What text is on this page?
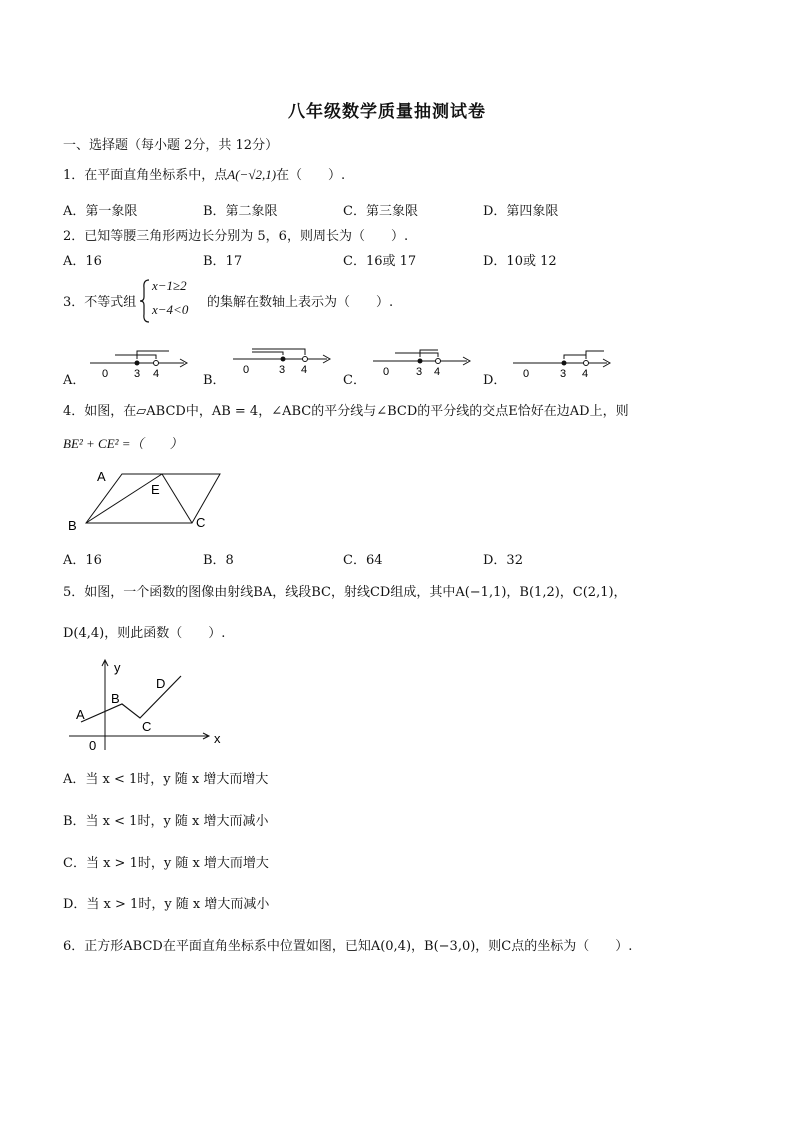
八年级数学质量抽测试卷
一、选择题（每小题 2分，共 12分）
1．在平面直角坐标系中，点A(−√2,1)在（　　）.
A．第一象限	B．第二象限	C．第三象限	D．第四象限
2．已知等腰三角形两边长分别为 5，6，则周长为（　　）.
A．16	B．17	C．16或 17	D．10或 12
3．不等式组
x−1≥2
x−4<0 的集解在数轴上表示为（　　）.
A． 0 3 4	B．
0	3 4
C．
0 3 4
D． 0	3 4
4．如图，在▱ABCD中，AB = 4，∠ABC的平分线与∠BCD的平分线的交点E恰好在边AD上，则
BE² + CE² =（　　）
A
E
B	C
A．16	B．8	C．64	D．32
5．如图，一个函数的图像由射线BA，线段BC，射线CD组成，其中A(−1,1)，B(1,2)，C(2,1)，
D(4,4)，则此函数（　　）.
x
y
0
A
B
C
D
A．当 x < 1时，y 随 x 增大而增大
B．当 x < 1时，y 随 x 增大而减小
C．当 x > 1时，y 随 x 增大而增大
D．当 x > 1时，y 随 x 增大而减小
6．正方形ABCD在平面直角坐标系中位置如图，已知A(0,4)，B(−3,0)，则C点的坐标为（　　）.
